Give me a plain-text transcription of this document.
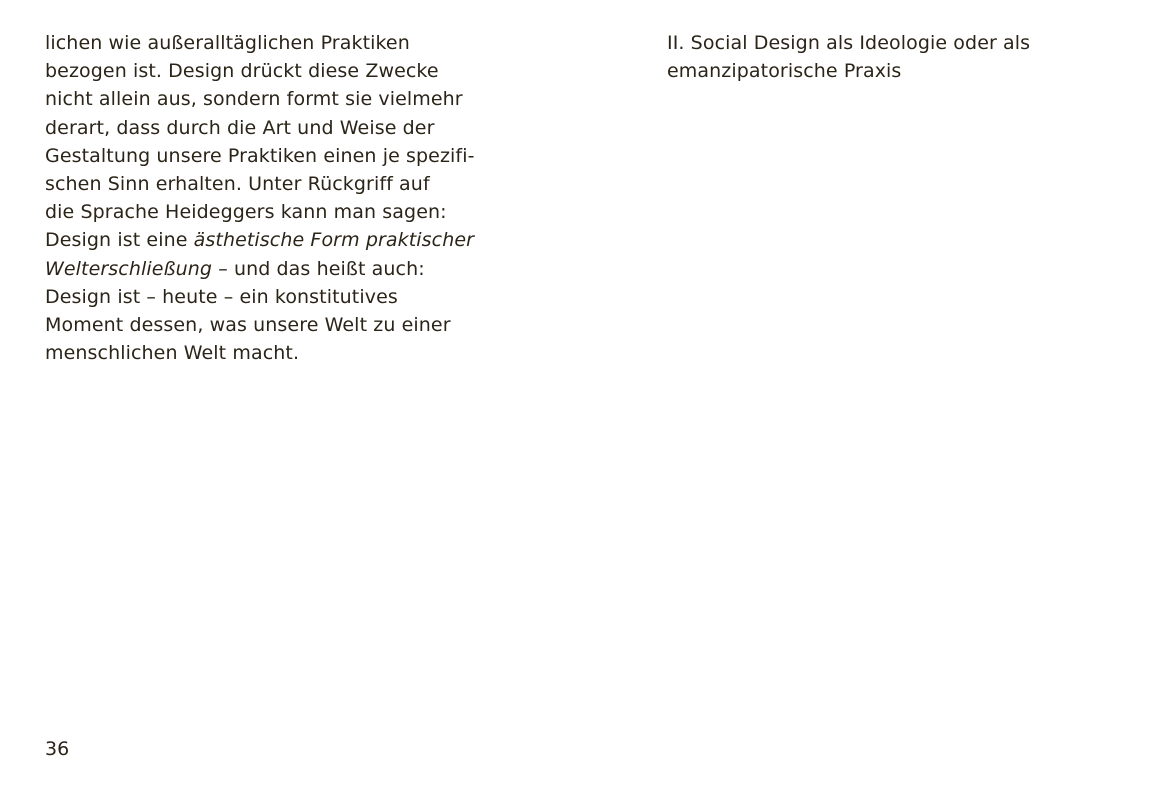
lichen wie außeralltäglichen Praktiken
bezogen ist. Design drückt diese Zwecke
nicht allein aus, sondern formt sie vielmehr
derart, dass durch die Art und Weise der
Gestaltung unsere Praktiken einen je spezifi-
schen Sinn erhalten. Unter Rückgriff auf
die Sprache Heideggers kann man sagen:
Design ist eine ästhetische Form praktischer
Welterschließung – und das heißt auch:
Design ist – heute – ein konstitutives
Moment dessen, was unsere Welt zu einer
menschlichen Welt macht.
II. Social Design als Ideologie oder als
emanzipatorische Praxis
36
